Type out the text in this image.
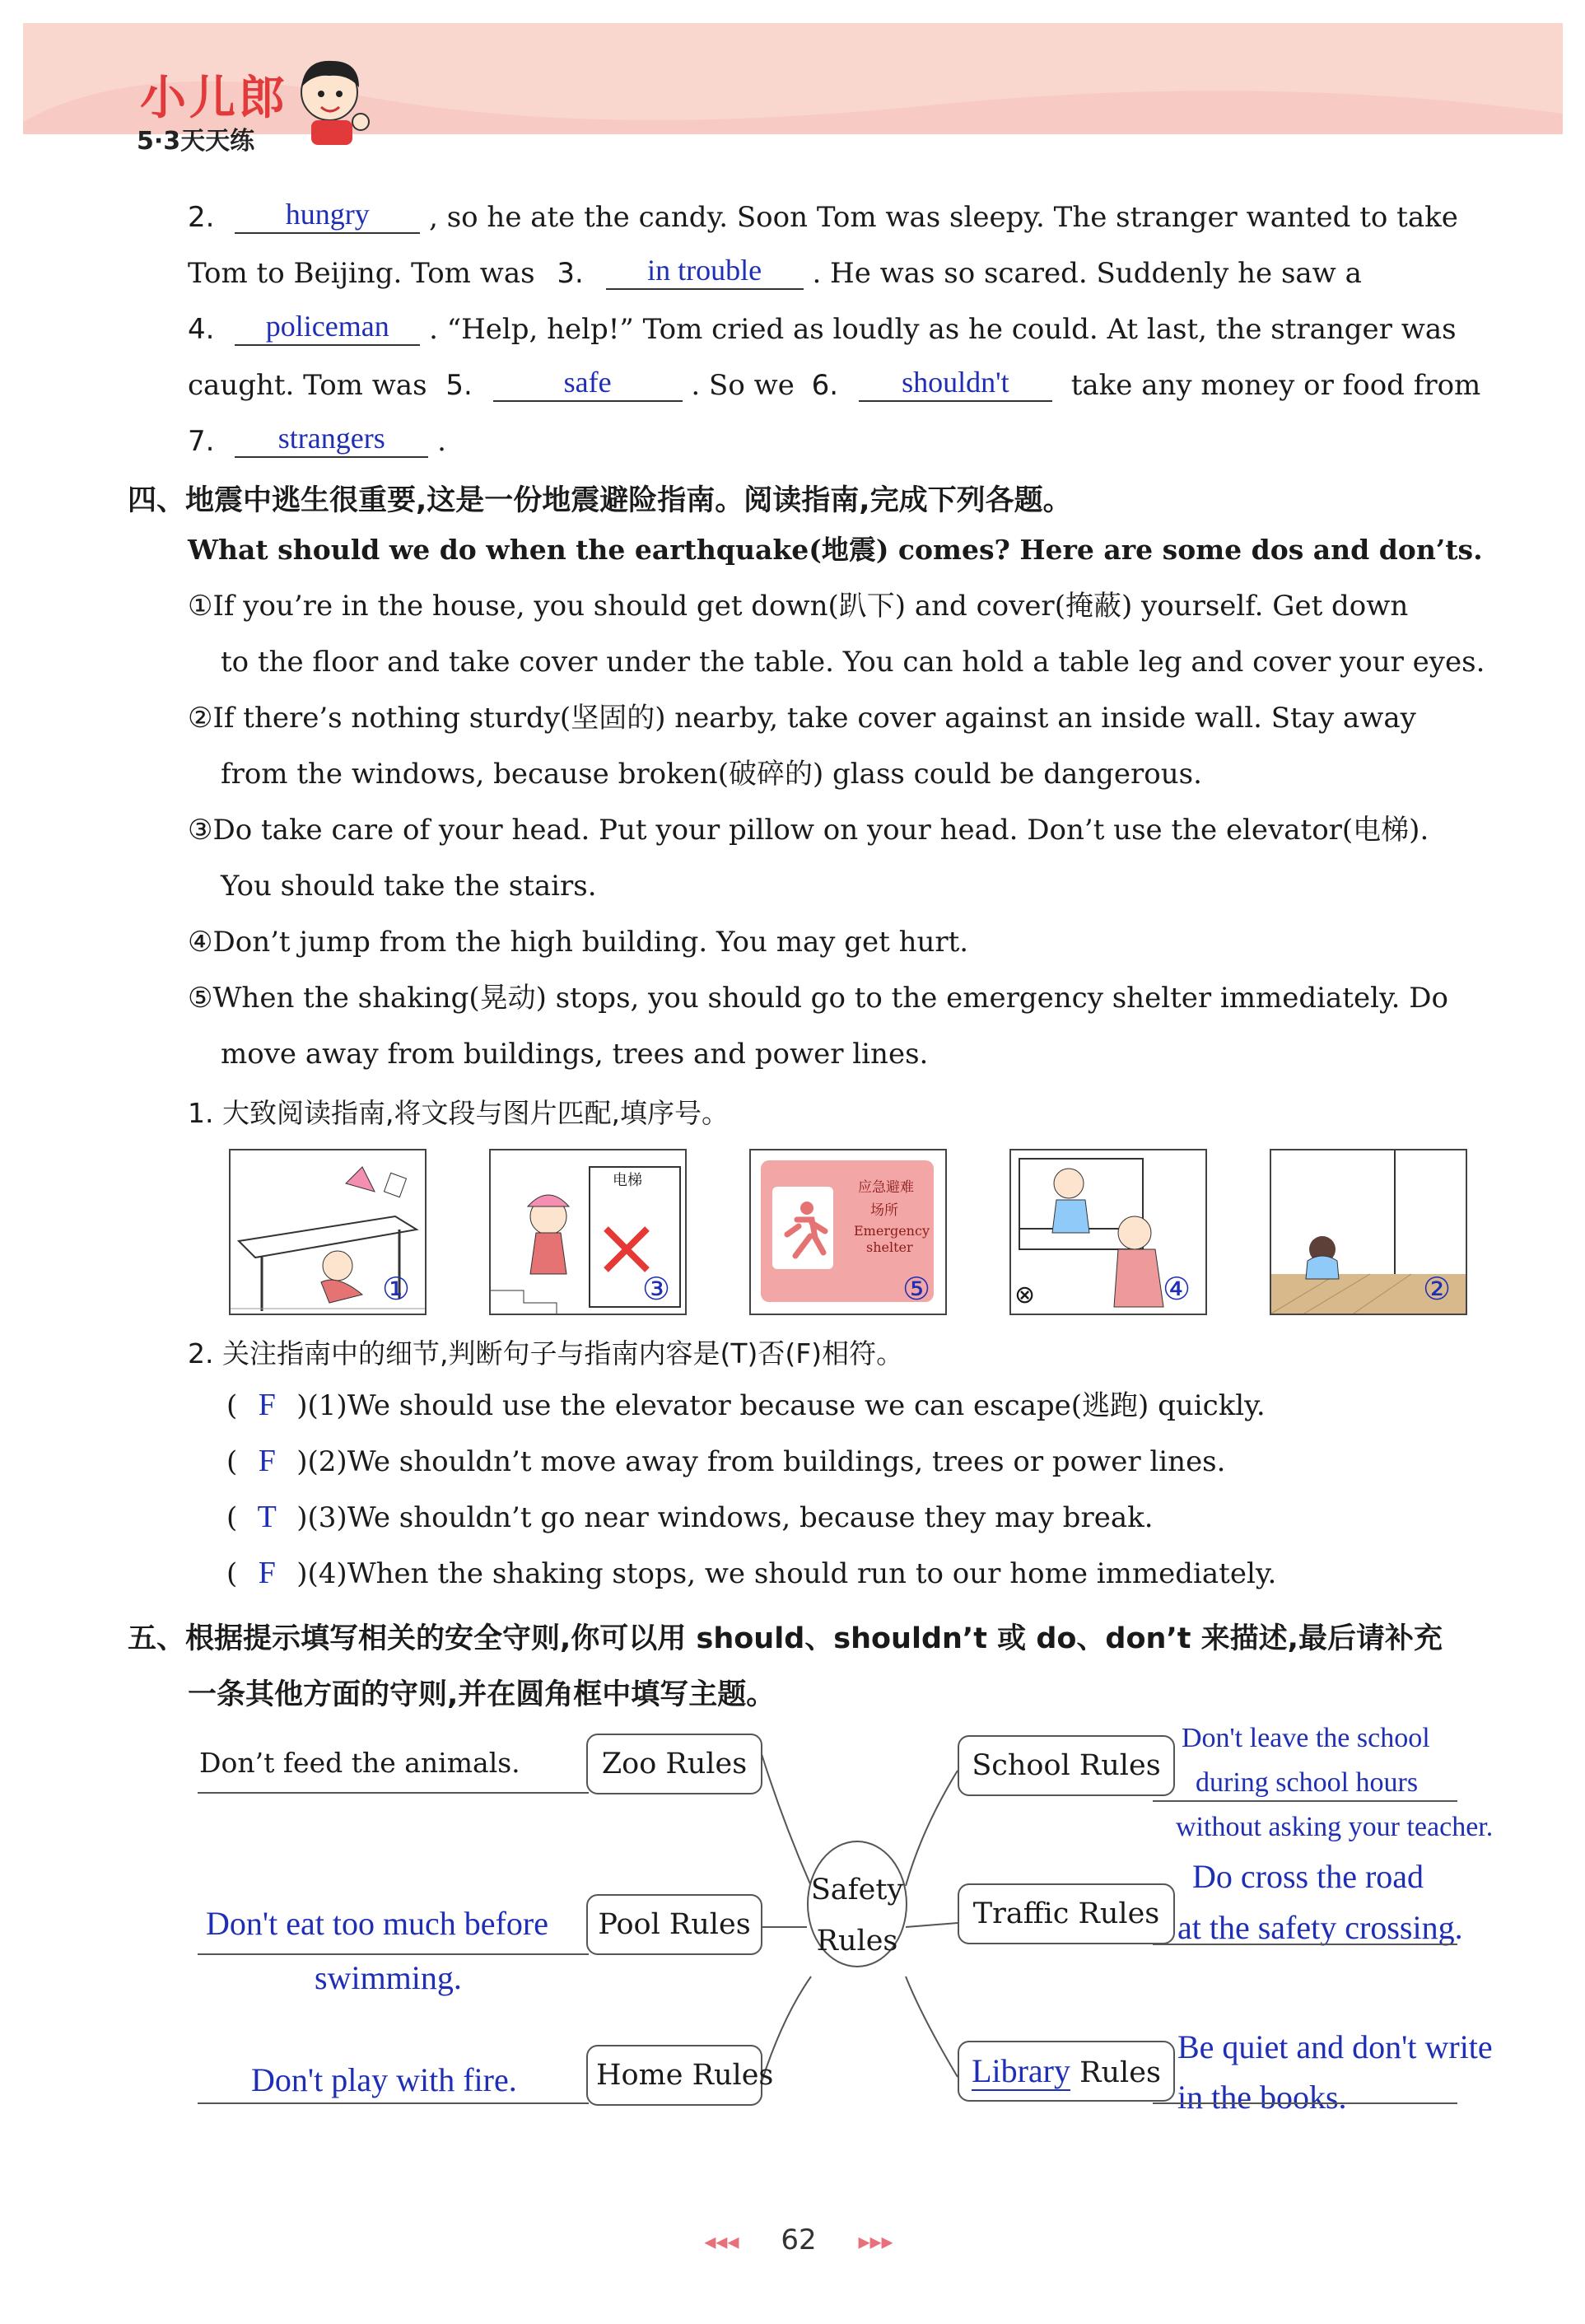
小儿郎
5·3天天练
2.	hungry	, so he ate the candy. Soon Tom was sleepy. The stranger wanted to take
Tom to Beijing. Tom was 3.	in trouble	. He was so scared. Suddenly he saw a
4.	policeman	. “Help, help!” Tom cried as loudly as he could. At last, the stranger was
caught. Tom was 5.	safe	. So we 6.	shouldn't	take any money or food from
7.	strangers	.
四、地震中逃生很重要,这是一份地震避险指南。阅读指南,完成下列各题。
What should we do when the earthquake(地震) comes? Here are some dos and don’ts.
①If you’re in the house, you should get down(趴下) and cover(掩蔽) yourself. Get down
to the floor and take cover under the table. You can hold a table leg and cover your eyes.
②If there’s nothing sturdy(坚固的) nearby, take cover against an inside wall. Stay away
from the windows, because broken(破碎的) glass could be dangerous.
③Do take care of your head. Put your pillow on your head. Don’t use the elevator(电梯).
You should take the stairs.
④Don’t jump from the high building. You may get hurt.
⑤When the shaking(晃动) stops, you should go to the emergency shelter immediately. Do
move away from buildings, trees and power lines.
1. 大致阅读指南,将文段与图片匹配,填序号。
①
电梯
③
应急避难
场所
Emergency
shelter
⑤	⊗	④	②
2. 关注指南中的细节,判断句子与指南内容是(T)否(F)相符。
( F )(1)We should use the elevator because we can escape(逃跑) quickly.
( F )(2)We shouldn’t move away from buildings, trees or power lines.
( T )(3)We shouldn’t go near windows, because they may break.
( F )(4)When the shaking stops, we should run to our home immediately.
五、根据提示填写相关的安全守则,你可以用 should、shouldn’t 或 do、don’t 来描述,最后请补充
一条其他方面的守则,并在圆角框中填写主题。
Safety
Rules
Zoo Rules
Don’t feed the animals.
Pool Rules
Don't eat too much before
swimming.
Home Rules
Don't play with fire.
School Rules
Don't leave the school
during school hours
without asking your teacher.
Traffic Rules
Do cross the road
at the safety crossing.
Library Rules
Be quiet and don't write
in the books.
◂◂◂ 62 ▸▸▸
